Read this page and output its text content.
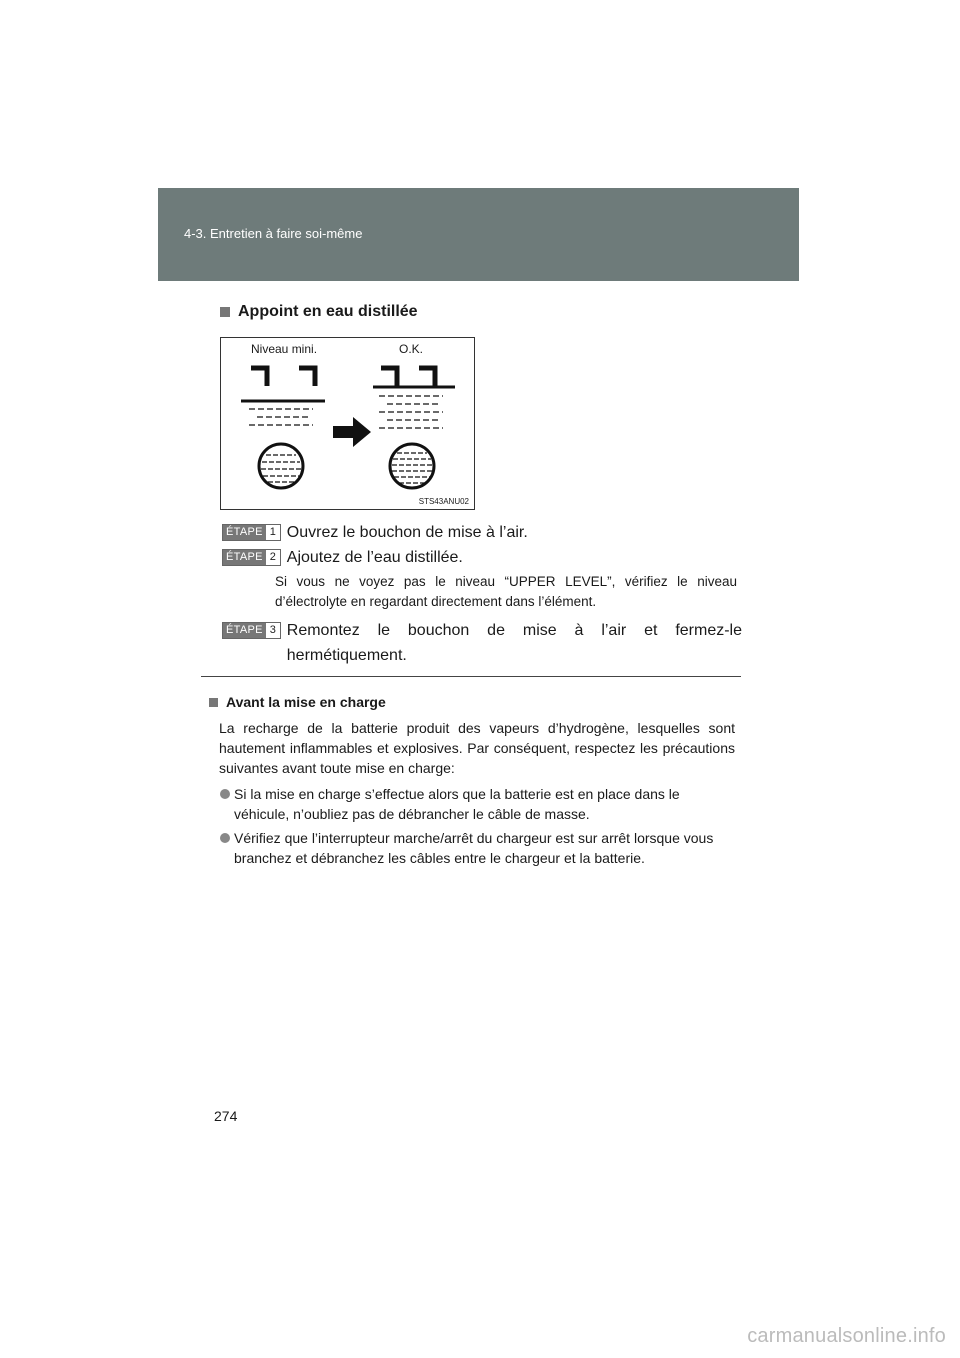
4-3. Entretien à faire soi-même
Appoint en eau distillée
Niveau mini.	O.K.
STS43ANU02
ÉTAPE 1 Ouvrez le bouchon de mise à l’air.
ÉTAPE 2 Ajoutez de l’eau distillée.
Si vous ne voyez pas le niveau “UPPER LEVEL”, vérifiez le niveau d’électrolyte en regardant directement dans l’élément.
ÉTAPE 3 Remontez le bouchon de mise à l’air et fermez-le
hermétiquement.
Avant la mise en charge
La recharge de la batterie produit des vapeurs d’hydrogène, lesquelles sont hautement inflammables et explosives. Par conséquent, respectez les précautions suivantes avant toute mise en charge:
Si la mise en charge s’effectue alors que la batterie est en place dans le véhicule, n’oubliez pas de débrancher le câble de masse.
Vérifiez que l’interrupteur marche/arrêt du chargeur est sur arrêt lorsque vous branchez et débranchez les câbles entre le chargeur et la batterie.
274
carmanualsonline.info
